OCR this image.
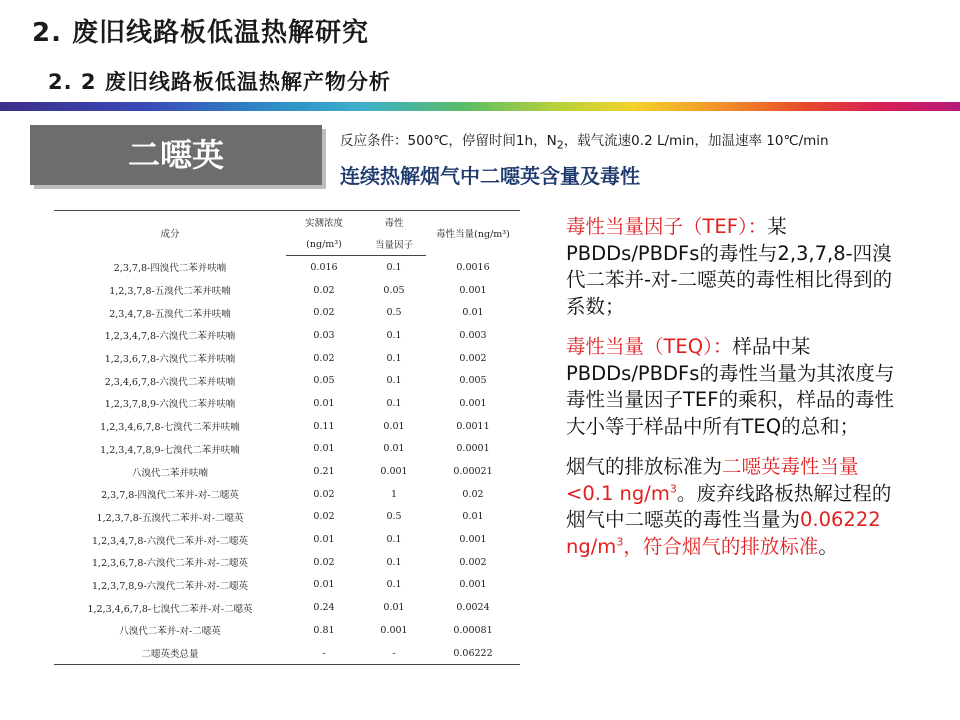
2. 废旧线路板低温热解研究
2. 2 废旧线路板低温热解产物分析
二噁英	反应条件：500℃，停留时间1h，$N_2$，载气流速0.2 L/min，加温速率 10℃/min
连续热解烟气中二噁英含量及毒性
成分	实测浓度	毒性	毒性当量(ng/m³)
	(ng/m³)	当量因子	
2,3,7,8-四溴代二苯并呋喃	0.016	0.1	0.0016
1,2,3,7,8-五溴代二苯并呋喃	0.02	0.05	0.001
2,3,4,7,8-五溴代二苯并呋喃	0.02	0.5	0.01
1,2,3,4,7,8-六溴代二苯并呋喃	0.03	0.1	0.003
1,2,3,6,7,8-六溴代二苯并呋喃	0.02	0.1	0.002
2,3,4,6,7,8-六溴代二苯并呋喃	0.05	0.1	0.005
1,2,3,7,8,9-六溴代二苯并呋喃	0.01	0.1	0.001
1,2,3,4,6,7,8-七溴代二苯并呋喃	0.11	0.01	0.0011
1,2,3,4,7,8,9-七溴代二苯并呋喃	0.01	0.01	0.0001
八溴代二苯并呋喃	0.21	0.001	0.00021
2,3,7,8-四溴代二苯并-对-二噁英	0.02	1	0.02
1,2,3,7,8-五溴代二苯并-对-二噁英	0.02	0.5	0.01
1,2,3,4,7,8-六溴代二苯并-对-二噁英	0.01	0.1	0.001
1,2,3,6,7,8-六溴代二苯并-对-二噁英	0.02	0.1	0.002
1,2,3,7,8,9-六溴代二苯并-对-二噁英	0.01	0.1	0.001
1,2,3,4,6,7,8-七溴代二苯并-对-二噁英	0.24	0.01	0.0024
八溴代二苯并-对-二噁英	0.81	0.001	0.00081
二噁英类总量	-	-	0.06222

毒性当量因子（TEF）：某PBDDs/PBDFs的毒性与2,3,7,8-四溴代二苯并-对-二噁英的毒性相比得到的系数；

毒性当量（TEQ）：样品中某PBDDs/PBDFs的毒性当量为其浓度与毒性当量因子TEF的乘积，样品的毒性大小等于样品中所有TEQ的总和；

烟气的排放标准为二噁英毒性当量<0.1 $ng/m^3$。废弃线路板热解过程的烟气中二噁英的毒性当量为0.06222 $ng/m^3$，符合烟气的排放标准。
